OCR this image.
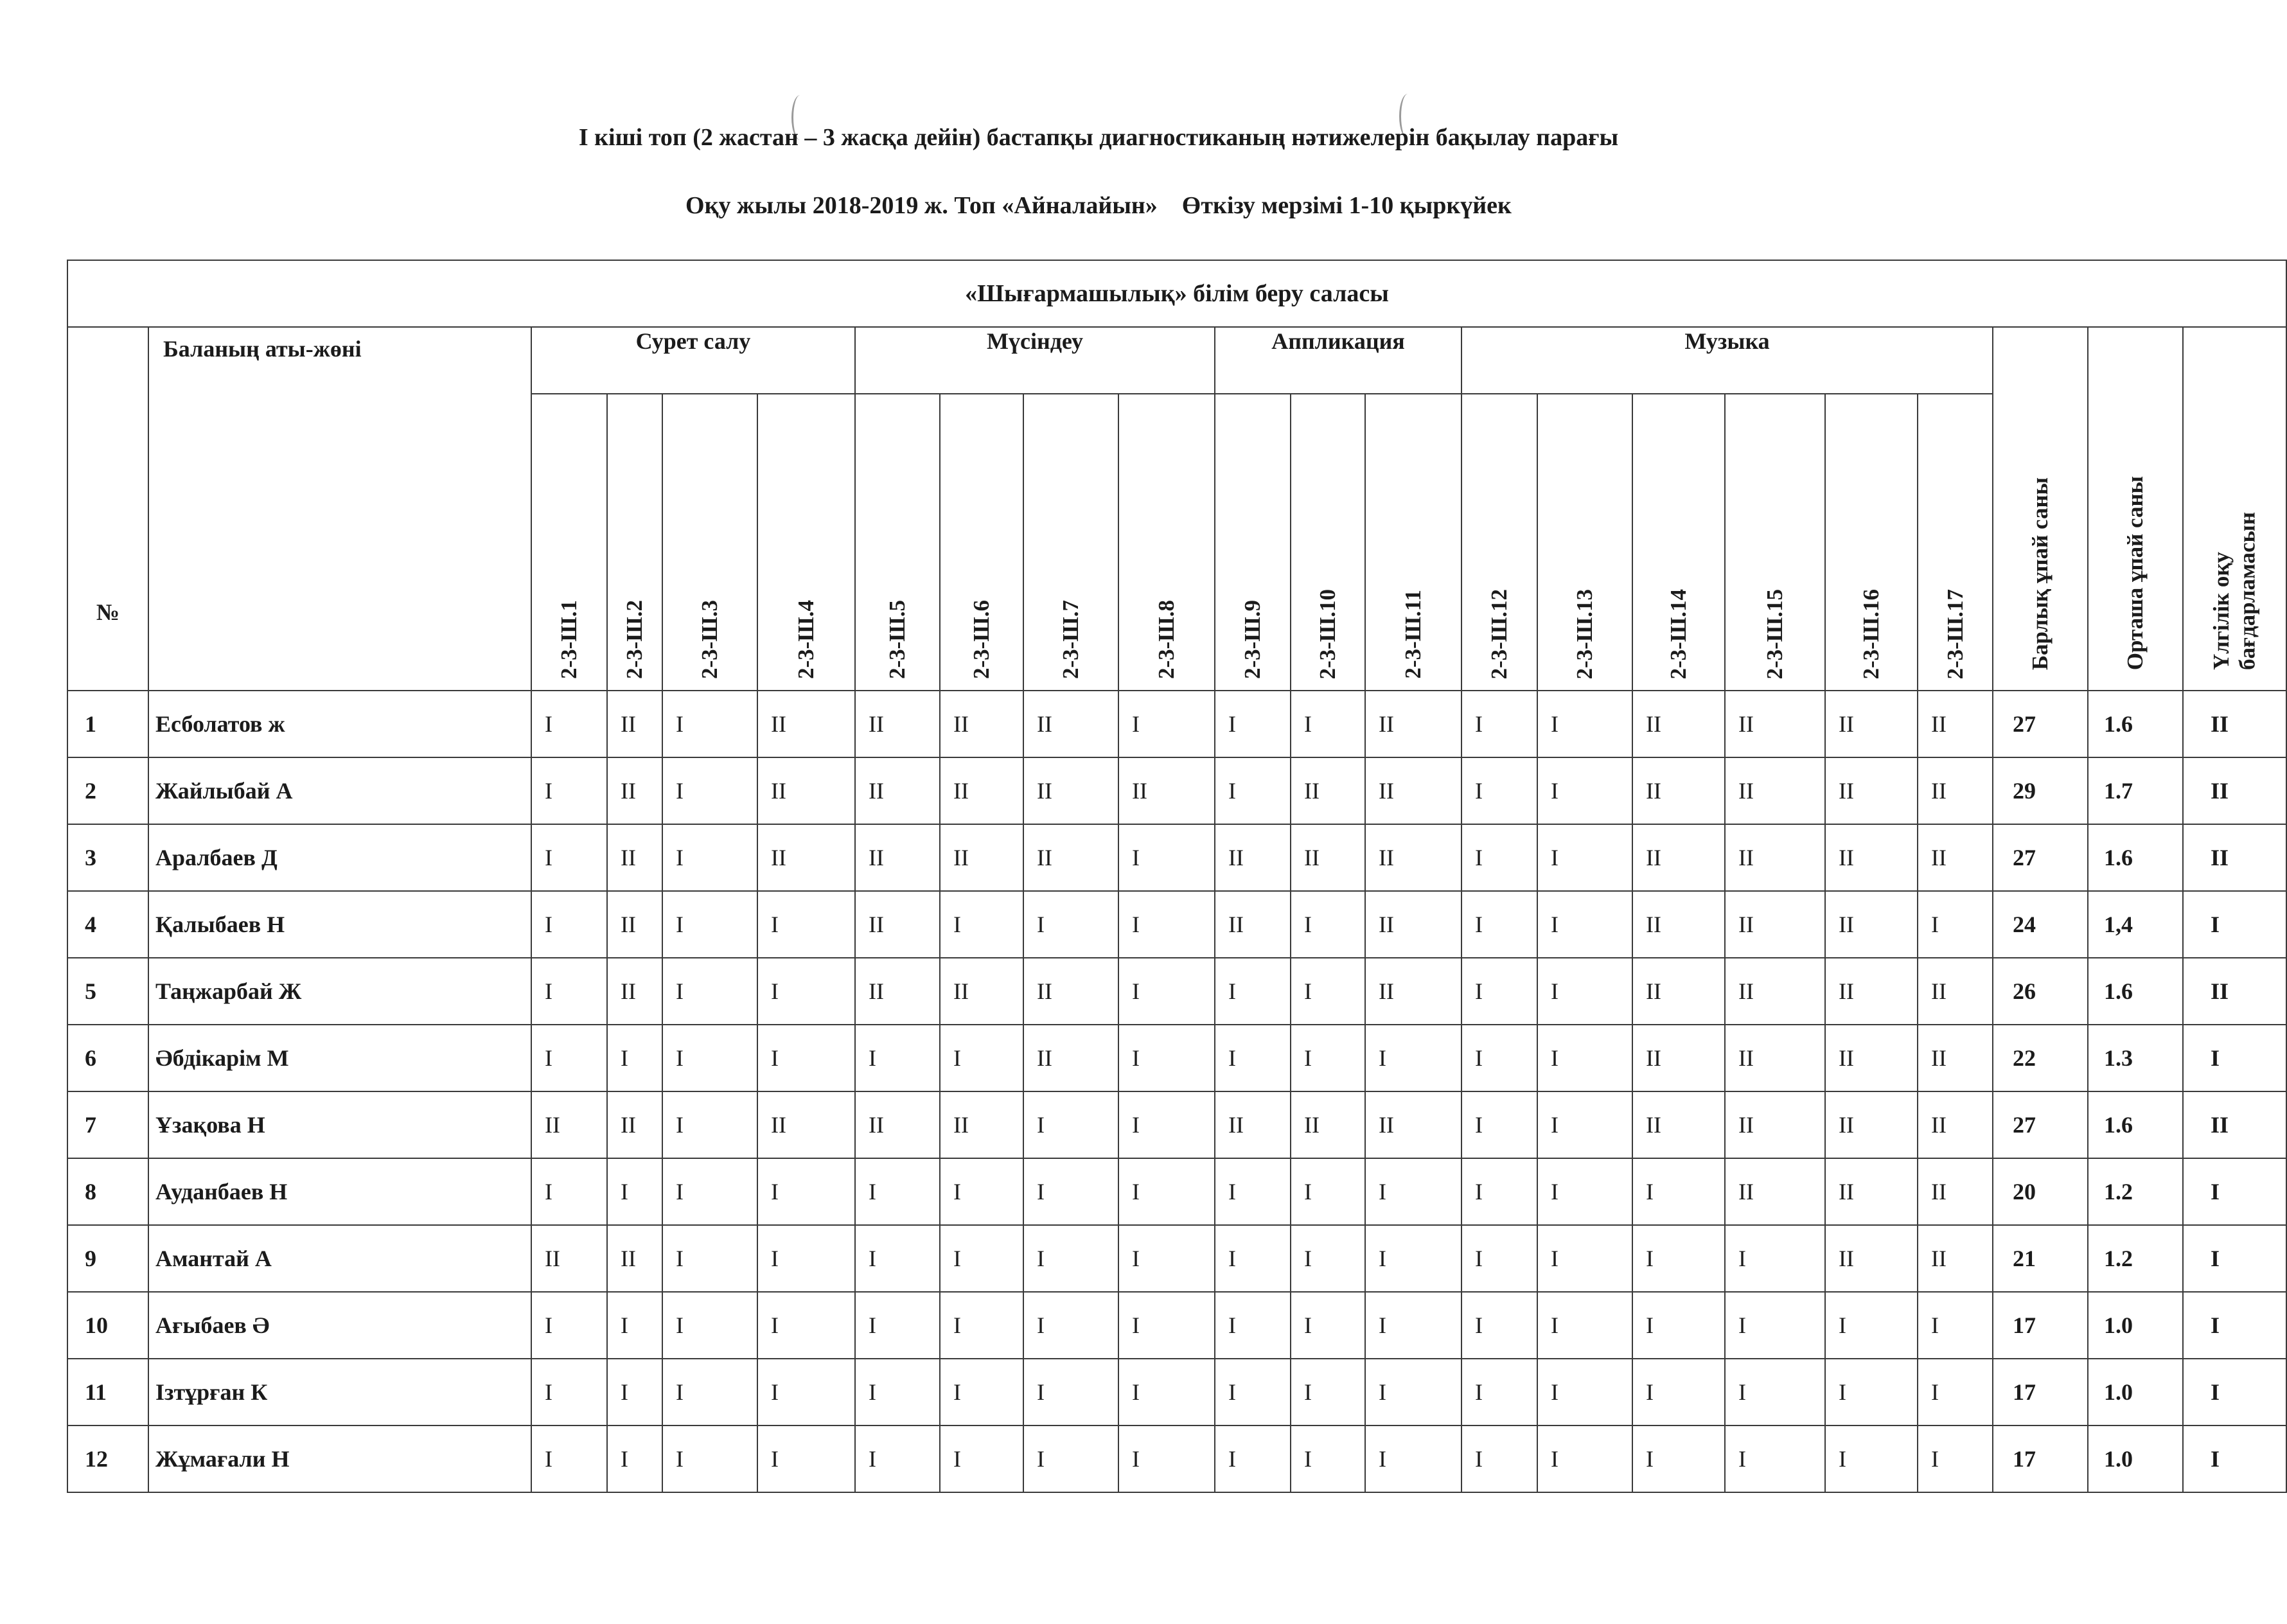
І кіші топ (2 жастан – 3 жасқа дейін) бастапқы диагностиканың нәтижелерін бақылау парағы
Оқу жылы 2018-2019 ж. Топ «Айналайын»    Өткізу мерзімі 1-10 қыркүйек
«Шығармашылық» білім беру саласы																					
№	Баланың аты-жөні	Сурет салу				Мүсіндеу				Аппликация			Музыка						Барлық ұпай саны	Орташа ұпай саны	Үлгілік оқу
бағдарламасын
		2-3-Ш.1	2-3-Ш.2	2-3-Ш.3	2-3-Ш.4	2-3-Ш.5	2-3-Ш.6	2-3-Ш.7	2-3-Ш.8	2-3-Ш.9	2-3-Ш.10	2-3-Ш.11	2-3-Ш.12	2-3-Ш.13	2-3-Ш.14	2-3-Ш.15	2-3-Ш.16	2-3-Ш.17			
1	Есболатов ж	I	II	I	II	II	II	II	I	I	I	II	I	I	II	II	II	II	27	1.6	II
2	Жайлыбай А	I	II	I	II	II	II	II	II	I	II	II	I	I	II	II	II	II	29	1.7	II
3	Аралбаев Д	I	II	I	II	II	II	II	I	II	II	II	I	I	II	II	II	II	27	1.6	II
4	Қалыбаев Н	I	II	I	I	II	I	I	I	II	I	II	I	I	II	II	II	I	24	1,4	I
5	Таңжарбай Ж	I	II	I	I	II	II	II	I	I	I	II	I	I	II	II	II	II	26	1.6	II
6	Әбдікарім М	I	I	I	I	I	I	II	I	I	I	I	I	I	II	II	II	II	22	1.3	I
7	Ұзақова Н	II	II	I	II	II	II	I	I	II	II	II	I	I	II	II	II	II	27	1.6	II
8	Ауданбаев Н	I	I	I	I	I	I	I	I	I	I	I	I	I	I	II	II	II	20	1.2	I
9	Амантай А	II	II	I	I	I	I	I	I	I	I	I	I	I	I	I	II	II	21	1.2	I
10	Ағыбаев Ә	I	I	I	I	I	I	I	I	I	I	I	I	I	I	I	I	I	17	1.0	I
11	Ізтұрған К	I	I	I	I	I	I	I	I	I	I	I	I	I	I	I	I	I	17	1.0	I
12	Жұмағали Н	I	I	I	I	I	I	I	I	I	I	I	I	I	I	I	I	I	17	1.0	I
